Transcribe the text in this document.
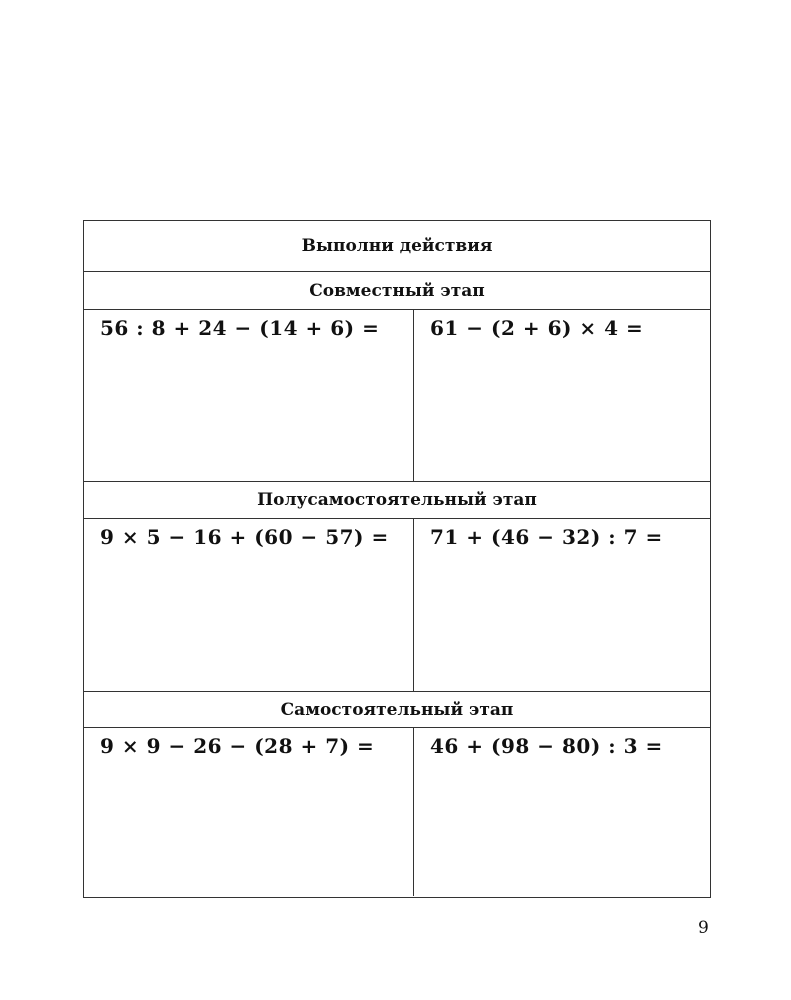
Выполни действия
Совместный этап
56 : 8 + 24 − (14 + 6) =	61 − (2 + 6) × 4 =
Полусамостоятельный этап
9 × 5 − 16 + (60 − 57) =	71 + (46 − 32) : 7 =
Самостоятельный этап
9 × 9 − 26 − (28 + 7) =	46 + (98 − 80) : 3 =
9
